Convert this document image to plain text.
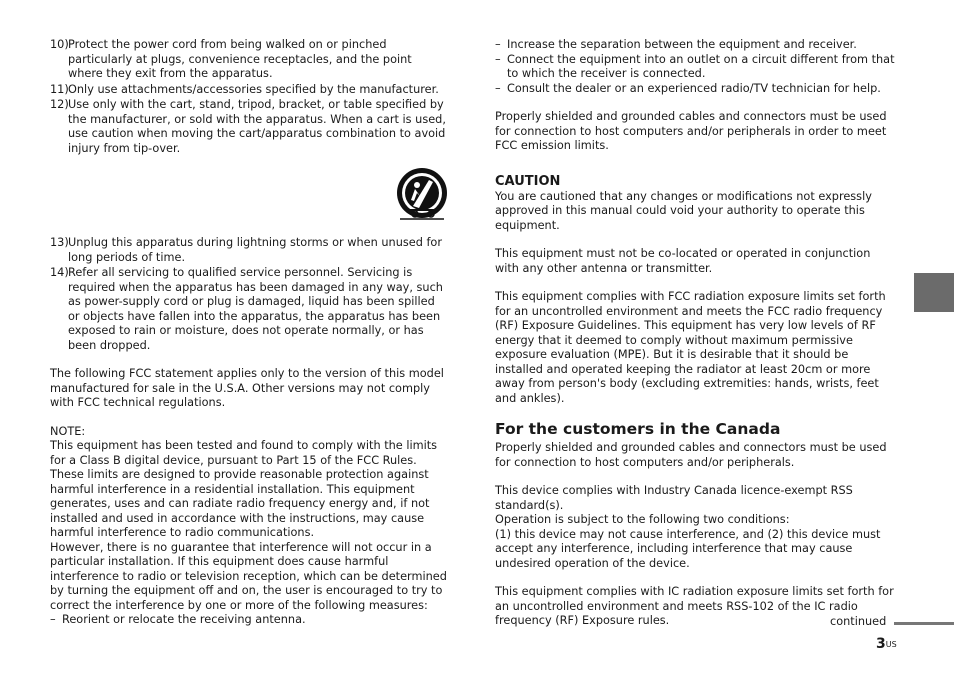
10) Protect the power cord from being walked on or pinched particularly at plugs, convenience receptacles, and the point where they exit from the apparatus.
11) Only use attachments/accessories specified by the manufacturer.
12) Use only with the cart, stand, tripod, bracket, or table specified by the manufacturer, or sold with the apparatus. When a cart is used, use caution when moving the cart/apparatus combination to avoid injury from tip-over.
13) Unplug this apparatus during lightning storms or when unused for long periods of time.
14) Refer all servicing to qualified service personnel. Servicing is required when the apparatus has been damaged in any way, such as power-supply cord or plug is damaged, liquid has been spilled or objects have fallen into the apparatus, the apparatus has been exposed to rain or moisture, does not operate normally, or has been dropped.

The following FCC statement applies only to the version of this model manufactured for sale in the U.S.A. Other versions may not comply with FCC technical regulations.

NOTE:

This equipment has been tested and found to comply with the limits for a Class B digital device, pursuant to Part 15 of the FCC Rules. These limits are designed to provide reasonable protection against harmful interference in a residential installation. This equipment generates, uses and can radiate radio frequency energy and, if not installed and used in accordance with the instructions, may cause harmful interference to radio communications.

However, there is no guarantee that interference will not occur in a particular installation. If this equipment does cause harmful interference to radio or television reception, which can be determined by turning the equipment off and on, the user is encouraged to try to correct the interference by one or more of the following measures:

– Reorient or relocate the receiving antenna.
– Increase the separation between the equipment and receiver.
– Connect the equipment into an outlet on a circuit different from that to which the receiver is connected.
– Consult the dealer or an experienced radio/TV technician for help.

Properly shielded and grounded cables and connectors must be used for connection to host computers and/or peripherals in order to meet FCC emission limits.

CAUTION

You are cautioned that any changes or modifications not expressly approved in this manual could void your authority to operate this equipment.

This equipment must not be co-located or operated in conjunction with any other antenna or transmitter.

This equipment complies with FCC radiation exposure limits set forth for an uncontrolled environment and meets the FCC radio frequency (RF) Exposure Guidelines. This equipment has very low levels of RF energy that it deemed to comply without maximum permissive exposure evaluation (MPE). But it is desirable that it should be installed and operated keeping the radiator at least 20cm or more away from person's body (excluding extremities: hands, wrists, feet and ankles).

For the customers in the Canada

Properly shielded and grounded cables and connectors must be used for connection to host computers and/or peripherals.

This device complies with Industry Canada licence-exempt RSS standard(s).

Operation is subject to the following two conditions:

(1) this device may not cause interference, and (2) this device must accept any interference, including interference that may cause undesired operation of the device.

This equipment complies with IC radiation exposure limits set forth for an uncontrolled environment and meets RSS-102 of the IC radio frequency (RF) Exposure rules.	continued
$3_{US}$
